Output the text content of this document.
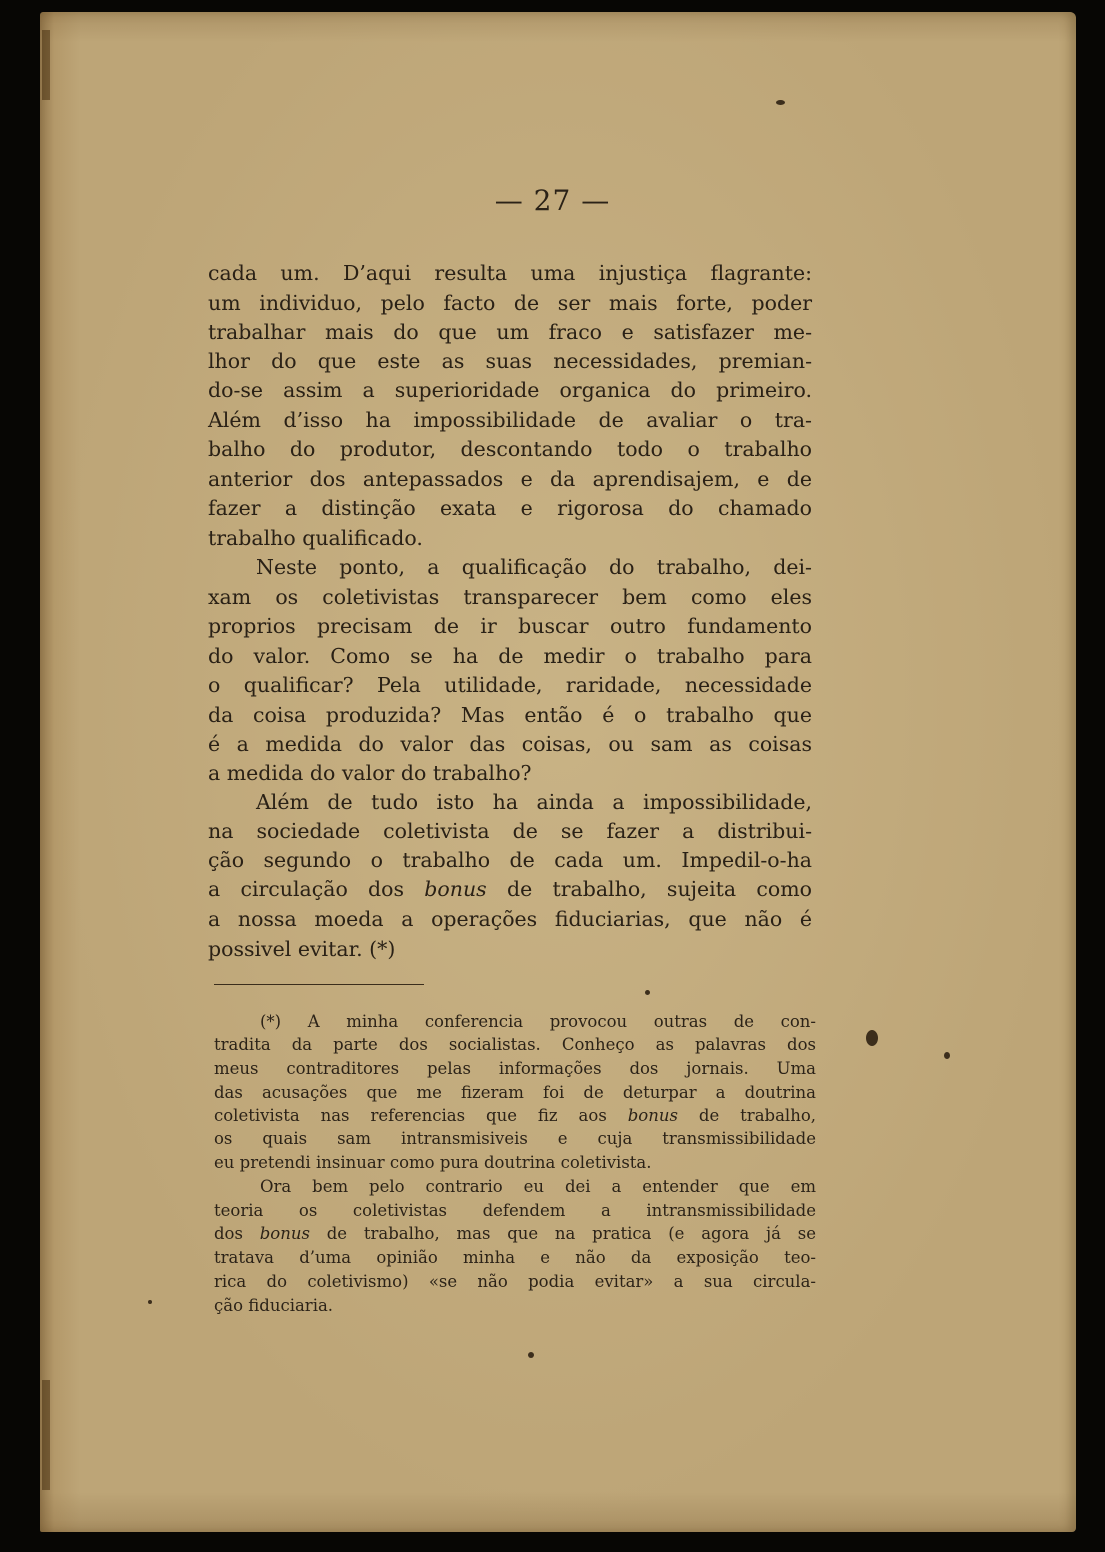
— 27 —
cada um. D’aqui resulta uma injustiça flagrante:
um individuo, pelo facto de ser mais forte, poder
trabalhar mais do que um fraco e satisfazer me-
lhor do que este as suas necessidades, premian-
do-se assim a superioridade organica do primeiro.
Além d’isso ha impossibilidade de avaliar o tra-
balho do produtor, descontando todo o trabalho
anterior dos antepassados e da aprendisajem, e de
fazer a distinção exata e rigorosa do chamado
trabalho qualificado.
Neste ponto, a qualificação do trabalho, dei-
xam os coletivistas transparecer bem como eles
proprios precisam de ir buscar outro fundamento
do valor. Como se ha de medir o trabalho para
o qualificar? Pela utilidade, raridade, necessidade
da coisa produzida? Mas então é o trabalho que
é a medida do valor das coisas, ou sam as coisas
a medida do valor do trabalho?
Além de tudo isto ha ainda a impossibilidade,
na sociedade coletivista de se fazer a distribui-
ção segundo o trabalho de cada um. Impedil-o-ha
a circulação dos bonus de trabalho, sujeita como
a nossa moeda a operações fiduciarias, que não é
possivel evitar. (*)
(*) A minha conferencia provocou outras de con-
tradita da parte dos socialistas. Conheço as palavras dos
meus contraditores pelas informações dos jornais. Uma
das acusações que me fizeram foi de deturpar a doutrina
coletivista nas referencias que fiz aos bonus de trabalho,
os quais sam intransmisiveis e cuja transmissibilidade
eu pretendi insinuar como pura doutrina coletivista.
Ora bem pelo contrario eu dei a entender que em
teoria os coletivistas defendem a intransmissibilidade
dos bonus de trabalho, mas que na pratica (e agora já se
tratava d’uma opinião minha e não da exposição teo-
rica do coletivismo) «se não podia evitar» a sua circula-
ção fiduciaria.
